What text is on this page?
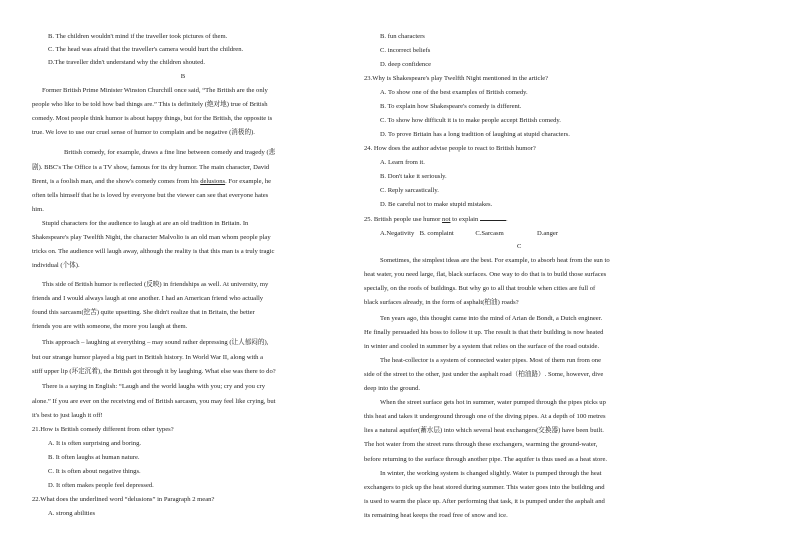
B. The children wouldn't mind if the traveller took pictures of them.
C. The head was afraid that the traveller's camera would hurt the children.
D.The traveller didn't understand why the children shouted.
B
Former British Prime Minister Winston Churchill once said, “The British are the only
people who like to be told how bad things are.” This is definitely (绝对地) true of British
comedy. Most people think humor is about happy things, but for the British, the opposite is
true. We love to use our cruel sense of humor to complain and be negative (消极的).
British comedy, for example, draws a fine line between comedy and tragedy (悲
剧). BBC's The Office is a TV show, famous for its dry humor. The main character, David
Brent, is a foolish man, and the show's comedy comes from his delusions. For example, he
often tells himself that he is loved by everyone but the viewer can see that everyone hates
him.
Stupid characters for the audience to laugh at are an old tradition in Britain. In
Shakespeare's play Twelfth Night, the character Malvolio is an old man whom people play
tricks on. The audience will laugh away, although the reality is that this man is a truly tragic
individual (个体).
This side of British humor is reflected (反映) in friendships as well. At university, my
friends and I would always laugh at one another. I had an American friend who actually
found this sarcasm(挖苦) quite upsetting. She didn't realize that in Britain, the better
friends you are with someone, the more you laugh at them.
This approach – laughing at everything – may sound rather depressing (让人郁闷的),
but our strange humor played a big part in British history. In World War II, along with a
stiff upper lip (坏定沉着), the British got through it by laughing. What else was there to do?
There is a saying in English: “Laugh and the world laughs with you; cry and you cry
alone.” If you are ever on the receiving end of British sarcasm, you may feel like crying, but
it's best to just laugh it off!
21.How is British comedy different from other types?
A. It is often surprising and boring.
B. It often laughs at human nature.
C. It is often about negative things.
D. It often makes people feel depressed.
22.What does the underlined word “delusions” in Paragraph 2 mean?
A. strong abilities
B. fun characters
C. incorrect beliefs
D. deep confidence
23.Why is Shakespeare's play Twelfth Night mentioned in the article?
A. To show one of the best examples of British comedy.
B. To explain how Shakespeare's comedy is different.
C. To show how difficult it is to make people accept British comedy.
D. To prove Britain has a long tradition of laughing at stupid characters.
24. How does the author advise people to react to British humor?
A. Learn from it.
B. Don't take it seriously.
C. Reply sarcastically.
D. Be careful not to make stupid mistakes.
25. British people use humor not to explain	.
A.Negativity B. complaint	C.Sarcasm	D.anger
C
Sometimes, the simplest ideas are the best. For example, to absorb heat from the sun to
heat water, you need large, flat, black surfaces. One way to do that is to build those surfaces
specially, on the roofs of buildings. But why go to all that trouble when cities are full of
black surfaces already, in the form of asphalt(柏油) roads?
Ten years ago, this thought came into the mind of Arian de Bondt, a Dutch engineer.
He finally persuaded his boss to follow it up. The result is that their building is now heated
in winter and cooled in summer by a system that relies on the surface of the road outside.
The heat-collector is a system of connected water pipes. Most of them run from one
side of the street to the other, just under the asphalt road（柏油路）. Some, however, dive
deep into the ground.
When the street surface gets hot in summer, water pumped through the pipes picks up
this heat and takes it underground through one of the diving pipes. At a depth of 100 metres
lies a natural aquifer(蓄水层) into which several heat exchangers(交换器) have been built.
The hot water from the street runs through these exchangers, warming the ground-water,
before returning to the surface through another pipe. The aquifer is thus used as a heat store.
In winter, the working system is changed slightly. Water is pumped through the heat
exchangers to pick up the heat stored during summer. This water goes into the building and
is used to warm the place up. After performing that task, it is pumped under the asphalt and
its remaining heat keeps the road free of snow and ice.
